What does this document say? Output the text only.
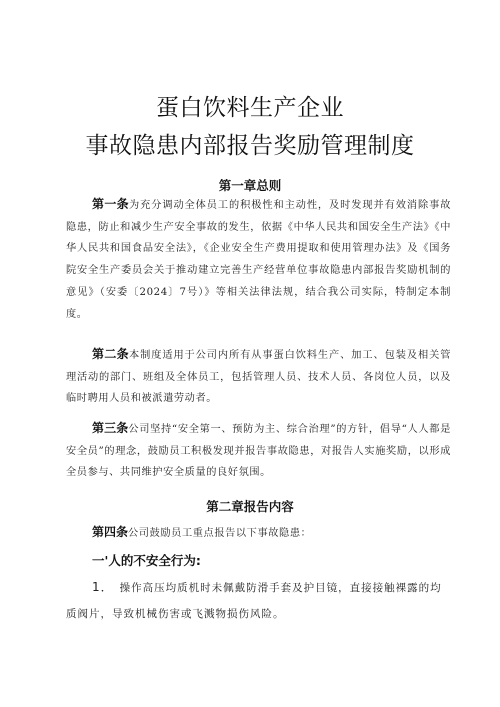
蛋白饮料生产企业
事故隐患内部报告奖励管理制度
第一章总则

第一条为充分调动全体员工的积极性和主动性，及时发现并有效消除事故隐患，防止和减少生产安全事故的发生，依据《中华人民共和国安全生产法》《中华人民共和国食品安全法》，《企业安全生产费用提取和使用管理办法》及《国务院安全生产委员会关于推动建立完善生产经营单位事故隐患内部报告奖励机制的意见》（安委〔2024〕7号）》等相关法律法规，结合我公司实际，特制定本制度。

第二条本制度适用于公司内所有从事蛋白饮料生产、加工、包装及相关管理活动的部门、班组及全体员工，包括管理人员、技术人员、各岗位人员，以及临时聘用人员和被派遣劳动者。

第三条公司坚持“安全第一、预防为主、综合治理”的方针，倡导“人人都是安全员”的理念，鼓励员工积极发现并报告事故隐患，对报告人实施奖励，以形成全员参与、共同维护安全质量的良好氛围。

第二章报告内容

第四条公司鼓励员工重点报告以下事故隐患：

一'人的不安全行为:

1． 操作高压均质机时未佩戴防滑手套及护目镜，直接接触裸露的均质阀片，导致机械伤害或飞溅物损伤风险。
